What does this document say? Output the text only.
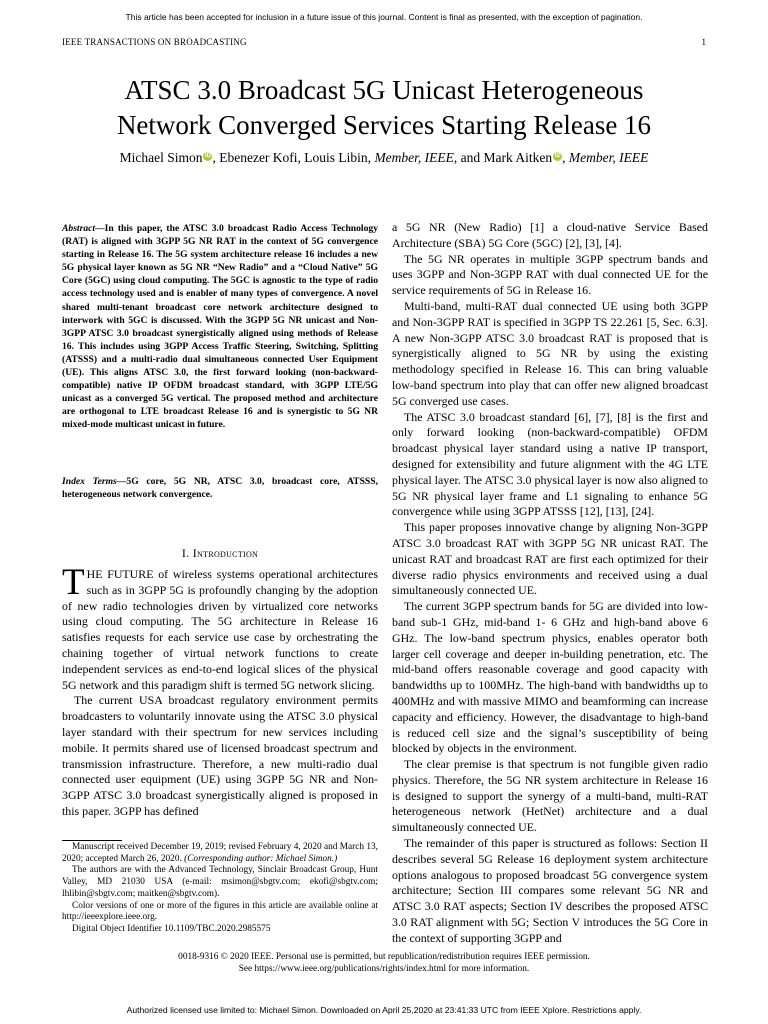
This article has been accepted for inclusion in a future issue of this journal. Content is final as presented, with the exception of pagination.
IEEE TRANSACTIONS ON BROADCASTING	1
ATSC 3.0 Broadcast 5G Unicast Heterogeneous
Network Converged Services Starting Release 16
Michael Simon iD , Ebenezer Kofi, Louis Libin, Member, IEEE, and Mark Aitken iD , Member, IEEE
Abstract—In this paper, the ATSC 3.0 broadcast Radio Access Technology (RAT) is aligned with 3GPP 5G NR RAT in the context of 5G convergence starting in Release 16. The 5G system architecture release 16 includes a new 5G physical layer known as 5G NR “New Radio” and a “Cloud Native” 5G Core (5GC) using cloud computing. The 5GC is agnostic to the type of radio access technology used and is enabler of many types of convergence. A novel shared multi-tenant broadcast core network architecture designed to interwork with 5GC is discussed. With the 3GPP 5G NR unicast and Non-3GPP ATSC 3.0 broadcast synergistically aligned using methods of Release 16. This includes using 3GPP Access Traffic Steering, Switching, Splitting (ATSSS) and a multi-radio dual simultaneous connected User Equipment (UE). This aligns ATSC 3.0, the first forward looking (non-backward-compatible) native IP OFDM broadcast standard, with 3GPP LTE/5G unicast as a converged 5G vertical. The proposed method and architecture are orthogonal to LTE broadcast Release 16 and is synergistic to 5G NR mixed-mode multicast unicast in future.
Index Terms—5G core, 5G NR, ATSC 3.0, broadcast core, ATSSS, heterogeneous network convergence.
I. Introduction

THE FUTURE of wireless systems operational architectures such as in 3GPP 5G is profoundly changing by the adoption of new radio technologies driven by virtualized core networks using cloud computing. The 5G architecture in Release 16 satisfies requests for each service use case by orchestrating the chaining together of virtual network functions to create independent services as end-to-end logical slices of the physical 5G network and this paradigm shift is termed 5G network slicing.

The current USA broadcast regulatory environment permits broadcasters to voluntarily innovate using the ATSC 3.0 physical layer standard with their spectrum for new services including mobile. It permits shared use of licensed broadcast spectrum and transmission infrastructure. Therefore, a new multi-radio dual connected user equipment (UE) using 3GPP 5G NR and Non-3GPP ATSC 3.0 broadcast synergistically aligned is proposed in this paper. 3GPP has defined

Manuscript received December 19, 2019; revised February 4, 2020 and March 13, 2020; accepted March 26, 2020. (Corresponding author: Michael Simon.)

The authors are with the Advanced Technology, Sinclair Broadcast Group, Hunt Valley, MD 21030 USA (e-mail: msimon@sbgtv.com; ekofi@sbgtv.com; lhlibin@sbgtv.com; maitken@sbgtv.com).

Color versions of one or more of the figures in this article are available online at http://ieeexplore.ieee.org.

Digital Object Identifier 10.1109/TBC.2020.2985575

a 5G NR (New Radio) [1] a cloud-native Service Based Architecture (SBA) 5G Core (5GC) [2], [3], [4].

The 5G NR operates in multiple 3GPP spectrum bands and uses 3GPP and Non-3GPP RAT with dual connected UE for the service requirements of 5G in Release 16.

Multi-band, multi-RAT dual connected UE using both 3GPP and Non-3GPP RAT is specified in 3GPP TS 22.261 [5, Sec. 6.3]. A new Non-3GPP ATSC 3.0 broadcast RAT is proposed that is synergistically aligned to 5G NR by using the existing methodology specified in Release 16. This can bring valuable low-band spectrum into play that can offer new aligned broadcast 5G converged use cases.

The ATSC 3.0 broadcast standard [6], [7], [8] is the first and only forward looking (non-backward-compatible) OFDM broadcast physical layer standard using a native IP transport, designed for extensibility and future alignment with the 4G LTE physical layer. The ATSC 3.0 physical layer is now also aligned to 5G NR physical layer frame and L1 signaling to enhance 5G convergence while using 3GPP ATSSS [12], [13], [24].

This paper proposes innovative change by aligning Non-3GPP ATSC 3.0 broadcast RAT with 3GPP 5G NR unicast RAT. The unicast RAT and broadcast RAT are first each optimized for their diverse radio physics environments and received using a dual simultaneously connected UE.

The current 3GPP spectrum bands for 5G are divided into low-band sub-1 GHz, mid-band 1- 6 GHz and high-band above 6 GHz. The low-band spectrum physics, enables operator both larger cell coverage and deeper in-building penetration, etc. The mid-band offers reasonable coverage and good capacity with bandwidths up to 100MHz. The high-band with bandwidths up to 400MHz and with massive MIMO and beamforming can increase capacity and efficiency. However, the disadvantage to high-band is reduced cell size and the signal’s susceptibility of being blocked by objects in the environment.

The clear premise is that spectrum is not fungible given radio physics. Therefore, the 5G NR system architecture in Release 16 is designed to support the synergy of a multi-band, multi-RAT heterogeneous network (HetNet) architecture and a dual simultaneously connected UE.

The remainder of this paper is structured as follows: Section II describes several 5G Release 16 deployment system architecture options analogous to proposed broadcast 5G convergence system architecture; Section III compares some relevant 5G NR and ATSC 3.0 RAT aspects; Section IV describes the proposed ATSC 3.0 RAT alignment with 5G; Section V introduces the 5G Core in the context of supporting 3GPP and

0018-9316 © 2020 IEEE. Personal use is permitted, but republication/redistribution requires IEEE permission.
See https://www.ieee.org/publications/rights/index.html for more information.
Authorized licensed use limited to: Michael Simon. Downloaded on April 25,2020 at 23:41:33 UTC from IEEE Xplore. Restrictions apply.
